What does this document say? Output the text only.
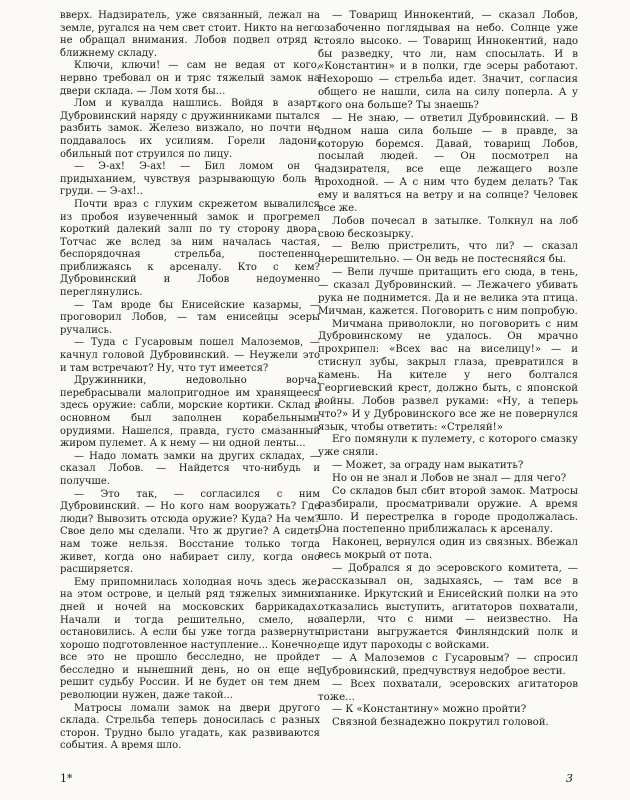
вверх. Надзиратель, уже связанный, лежал на земле, ругался на чем свет стоит. Никто на него не обращал внимания. Лобов подвел отряд к ближнему складу.

Ключи, ключи! — сам не ведая от кого, нервно требовал он и тряс тяжелый замок на двери склада. — Лом хотя бы...

Лом и кувалда нашлись. Войдя в азарт, Дубровинский наряду с дружинниками пытался разбить замок. Железо визжало, но почти не поддавалось их усилиям. Горели ладони, обильный пот струился по лицу.

— Э-ах! Э-ах! — Бил ломом он с придыханием, чувствуя разрывающую боль в груди. — Э-ах!..

Почти враз с глухим скрежетом вывалился из пробоя изувеченный замок и прогремел короткий далекий залп по ту сторону двора. Тотчас же вслед за ним началась частая, беспорядочная стрельба, постепенно приближаясь к арсеналу. Кто с кем? Дубровинский и Лобов недоуменно переглянулись.

— Там вроде бы Енисейские казармы, — проговорил Лобов, — там енисейцы эсеры ручались.

— Туда с Гусаровым пошел Малоземов, — качнул головой Дубровинский. — Неужели это и там встречают? Ну, что тут имеется?

Дружинники, недовольно ворча, перебрасывали малопригодное им хранящееся здесь оружие: сабли, морские кортики. Склад в основном был заполнен корабельными орудиями. Нашелся, правда, густо смазанный жиром пулемет. А к нему — ни одной ленты...

— Надо ломать замки на других складах, — сказал Лобов. — Найдется что-нибудь и получше.

— Это так, — согласился с ним Дубровинский. — Но кого нам вооружать? Где люди? Вывозить отсюда оружие? Куда? На чем? Свое дело мы сделали. Что ж другие? А сидеть нам тоже нельзя. Восстание только тогда живет, когда оно набирает силу, когда оно расширяется.

Ему припомнилась холодная ночь здесь же, на этом острове, и целый ряд тяжелых зимних дней и ночей на московских баррикадах. Начали и тогда решительно, смело, но остановились. А если бы уже тогда развернуть хорошо подготовленное наступление... Конечно, все это не прошло бесследно, не пройдет бесследно и нынешний день, но он еще не решит судьбу России. И не будет он тем днем революции нужен, даже такой...

Матросы ломали замок на двери другого склада. Стрельба теперь доносилась с разных сторон. Трудно было угадать, как развиваются события. А время шло.

— Товарищ Иннокентий, — сказал Лобов, озабоченно поглядывая на небо. Солнце уже стояло высоко. — Товарищ Иннокентий, надо бы разведку, что ли, нам спосылать. И в «Константин» и в полки, где эсеры работают. Нехорошо — стрельба идет. Значит, согласия общего не нашли, сила на силу поперла. А у кого она больше? Ты знаешь?

— Не знаю, — ответил Дубровинский. — В одном наша сила больше — в правде, за которую боремся. Давай, товарищ Лобов, посылай людей. — Он посмотрел на надзирателя, все еще лежащего возле проходной. — А с ним что будем делать? Так ему и валяться на ветру и на солнце? Человек все же.

Лобов почесал в затылке. Толкнул на лоб свою бескозырку.

— Велю пристрелить, что ли? — сказал нерешительно. — Он ведь не постесняйся бы.

— Вели лучше притащить его сюда, в тень, — сказал Дубровинский. — Лежачего убивать рука не поднимется. Да и не велика эта птица. Мичман, кажется. Поговорить с ним попробую.

Мичмана приволокли, но поговорить с ним Дубровинскому не удалось. Он мрачно прохрипел: «Всех вас на виселицу!» — и стиснул зубы, закрыл глаза, превратился в камень. На кителе у него болтался Георгиевский крест, должно быть, с японской войны. Лобов развел руками: «Ну, а теперь что?» И у Дубровинского все же не повернулся язык, чтобы ответить: «Стреляй!»

Его помянули к пулемету, с которого смазку уже сняли.

— Может, за ограду нам выкатить?

Но он не знал и Лобов не знал — для чего?

Со складов был сбит второй замок. Матросы разбирали, просматривали оружие. А время шло. И перестрелка в городе продолжалась. Она постепенно приближалась к арсеналу.

Наконец, вернулся один из связных. Вбежал весь мокрый от пота.

— Добрался я до эсеровского комитета, — рассказывал он, задыхаясь, — там все в панике. Иркутский и Енисейский полки на это отказались выступить, агитаторов похватали, заперли, что с ними — неизвестно. На пристани выгружается Финляндский полк и еще идут пароходы с войсками.

— А Малоземов с Гусаровым? — спросил Дубровинский, предчувствуя недоброе вести.

— Всех похватали, эсеровских агитаторов тоже...

— К «Константину» можно пройти?

Связной безнадежно покрутил головой.

1*	3
